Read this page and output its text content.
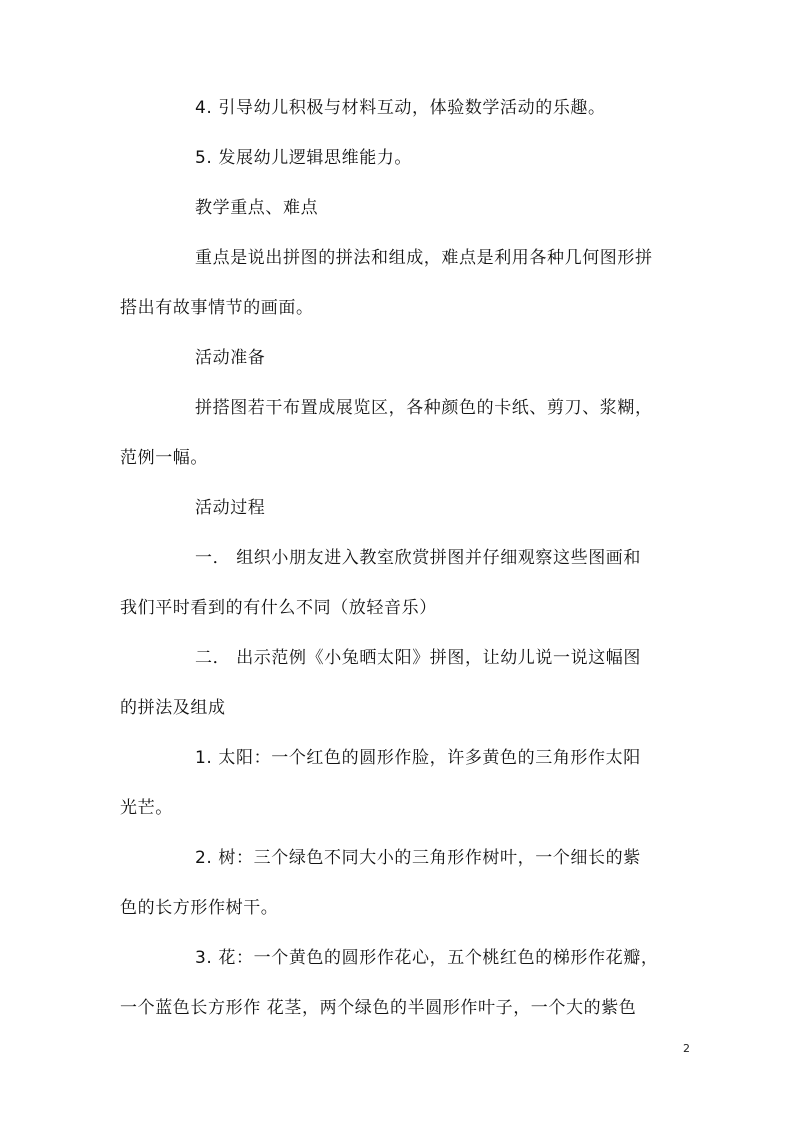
4. 引导幼儿积极与材料互动，体验数学活动的乐趣。
5. 发展幼儿逻辑思维能力。
教学重点、难点
重点是说出拼图的拼法和组成，难点是利用各种几何图形拼
搭出有故事情节的画面。
活动准备
拼搭图若干布置成展览区，各种颜色的卡纸、剪刀、浆糊，
范例一幅。
活动过程
一． 组织小朋友进入教室欣赏拼图并仔细观察这些图画和
我们平时看到的有什么不同（放轻音乐）
二． 出示范例《小兔晒太阳》拼图，让幼儿说一说这幅图
的拼法及组成
1. 太阳：一个红色的圆形作脸，许多黄色的三角形作太阳
光芒。
2. 树：三个绿色不同大小的三角形作树叶，一个细长的紫
色的长方形作树干。
3. 花：一个黄色的圆形作花心，五个桃红色的梯形作花瓣，
一个蓝色长方形作 花茎，两个绿色的半圆形作叶子，一个大的紫色
2
